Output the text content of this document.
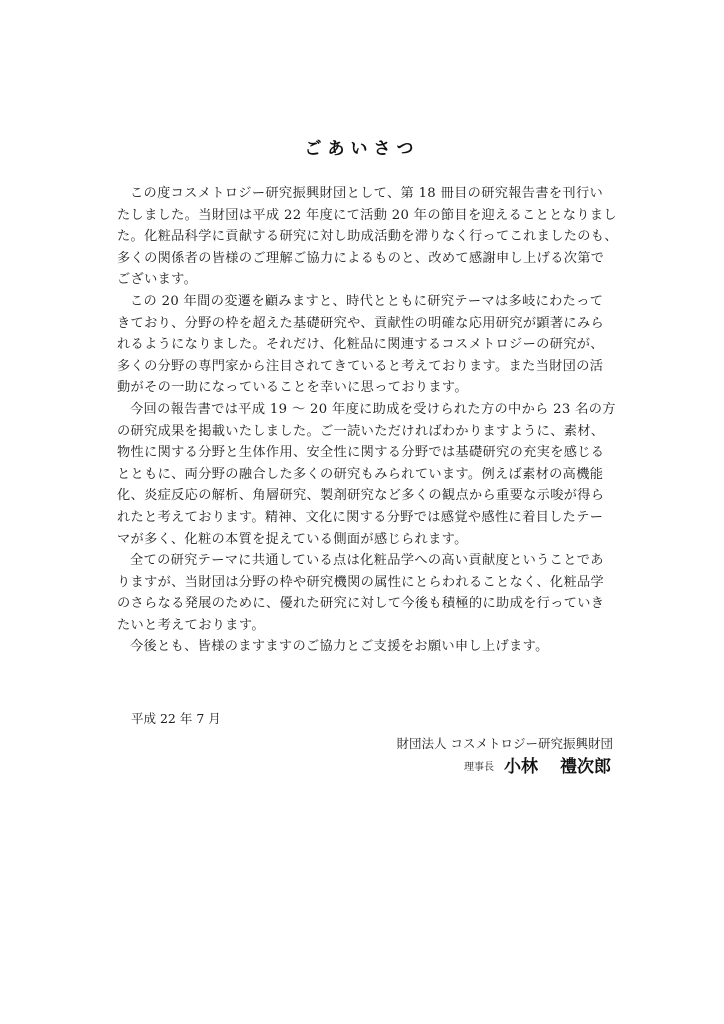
ごあいさつ
この度コスメトロジー研究振興財団として、第 18 冊目の研究報告書を刊行い
たしました。当財団は平成 22 年度にて活動 20 年の節目を迎えることとなりまし
た。化粧品科学に貢献する研究に対し助成活動を滞りなく行ってこれましたのも、
多くの関係者の皆様のご理解ご協力によるものと、改めて感謝申し上げる次第で
ございます。
この 20 年間の変遷を顧みますと、時代とともに研究テーマは多岐にわたって
きており、分野の枠を超えた基礎研究や、貢献性の明確な応用研究が顕著にみら
れるようになりました。それだけ、化粧品に関連するコスメトロジーの研究が、
多くの分野の専門家から注目されてきていると考えております。また当財団の活
動がその一助になっていることを幸いに思っております。
今回の報告書では平成 19 ～ 20 年度に助成を受けられた方の中から 23 名の方
の研究成果を掲載いたしました。ご一読いただければわかりますように、素材、
物性に関する分野と生体作用、安全性に関する分野では基礎研究の充実を感じる
とともに、両分野の融合した多くの研究もみられています。例えば素材の高機能
化、炎症反応の解析、角層研究、製剤研究など多くの観点から重要な示唆が得ら
れたと考えております。精神、文化に関する分野では感覚や感性に着目したテー
マが多く、化粧の本質を捉えている側面が感じられます。
全ての研究テーマに共通している点は化粧品学への高い貢献度ということであ
りますが、当財団は分野の枠や研究機関の属性にとらわれることなく、化粧品学
のさらなる発展のために、優れた研究に対して今後も積極的に助成を行っていき
たいと考えております。
今後とも、皆様のますますのご協力とご支援をお願い申し上げます。
平成 22 年 7 月
財団法人 コスメトロジー研究振興財団
理事長 小林 禮次郎
